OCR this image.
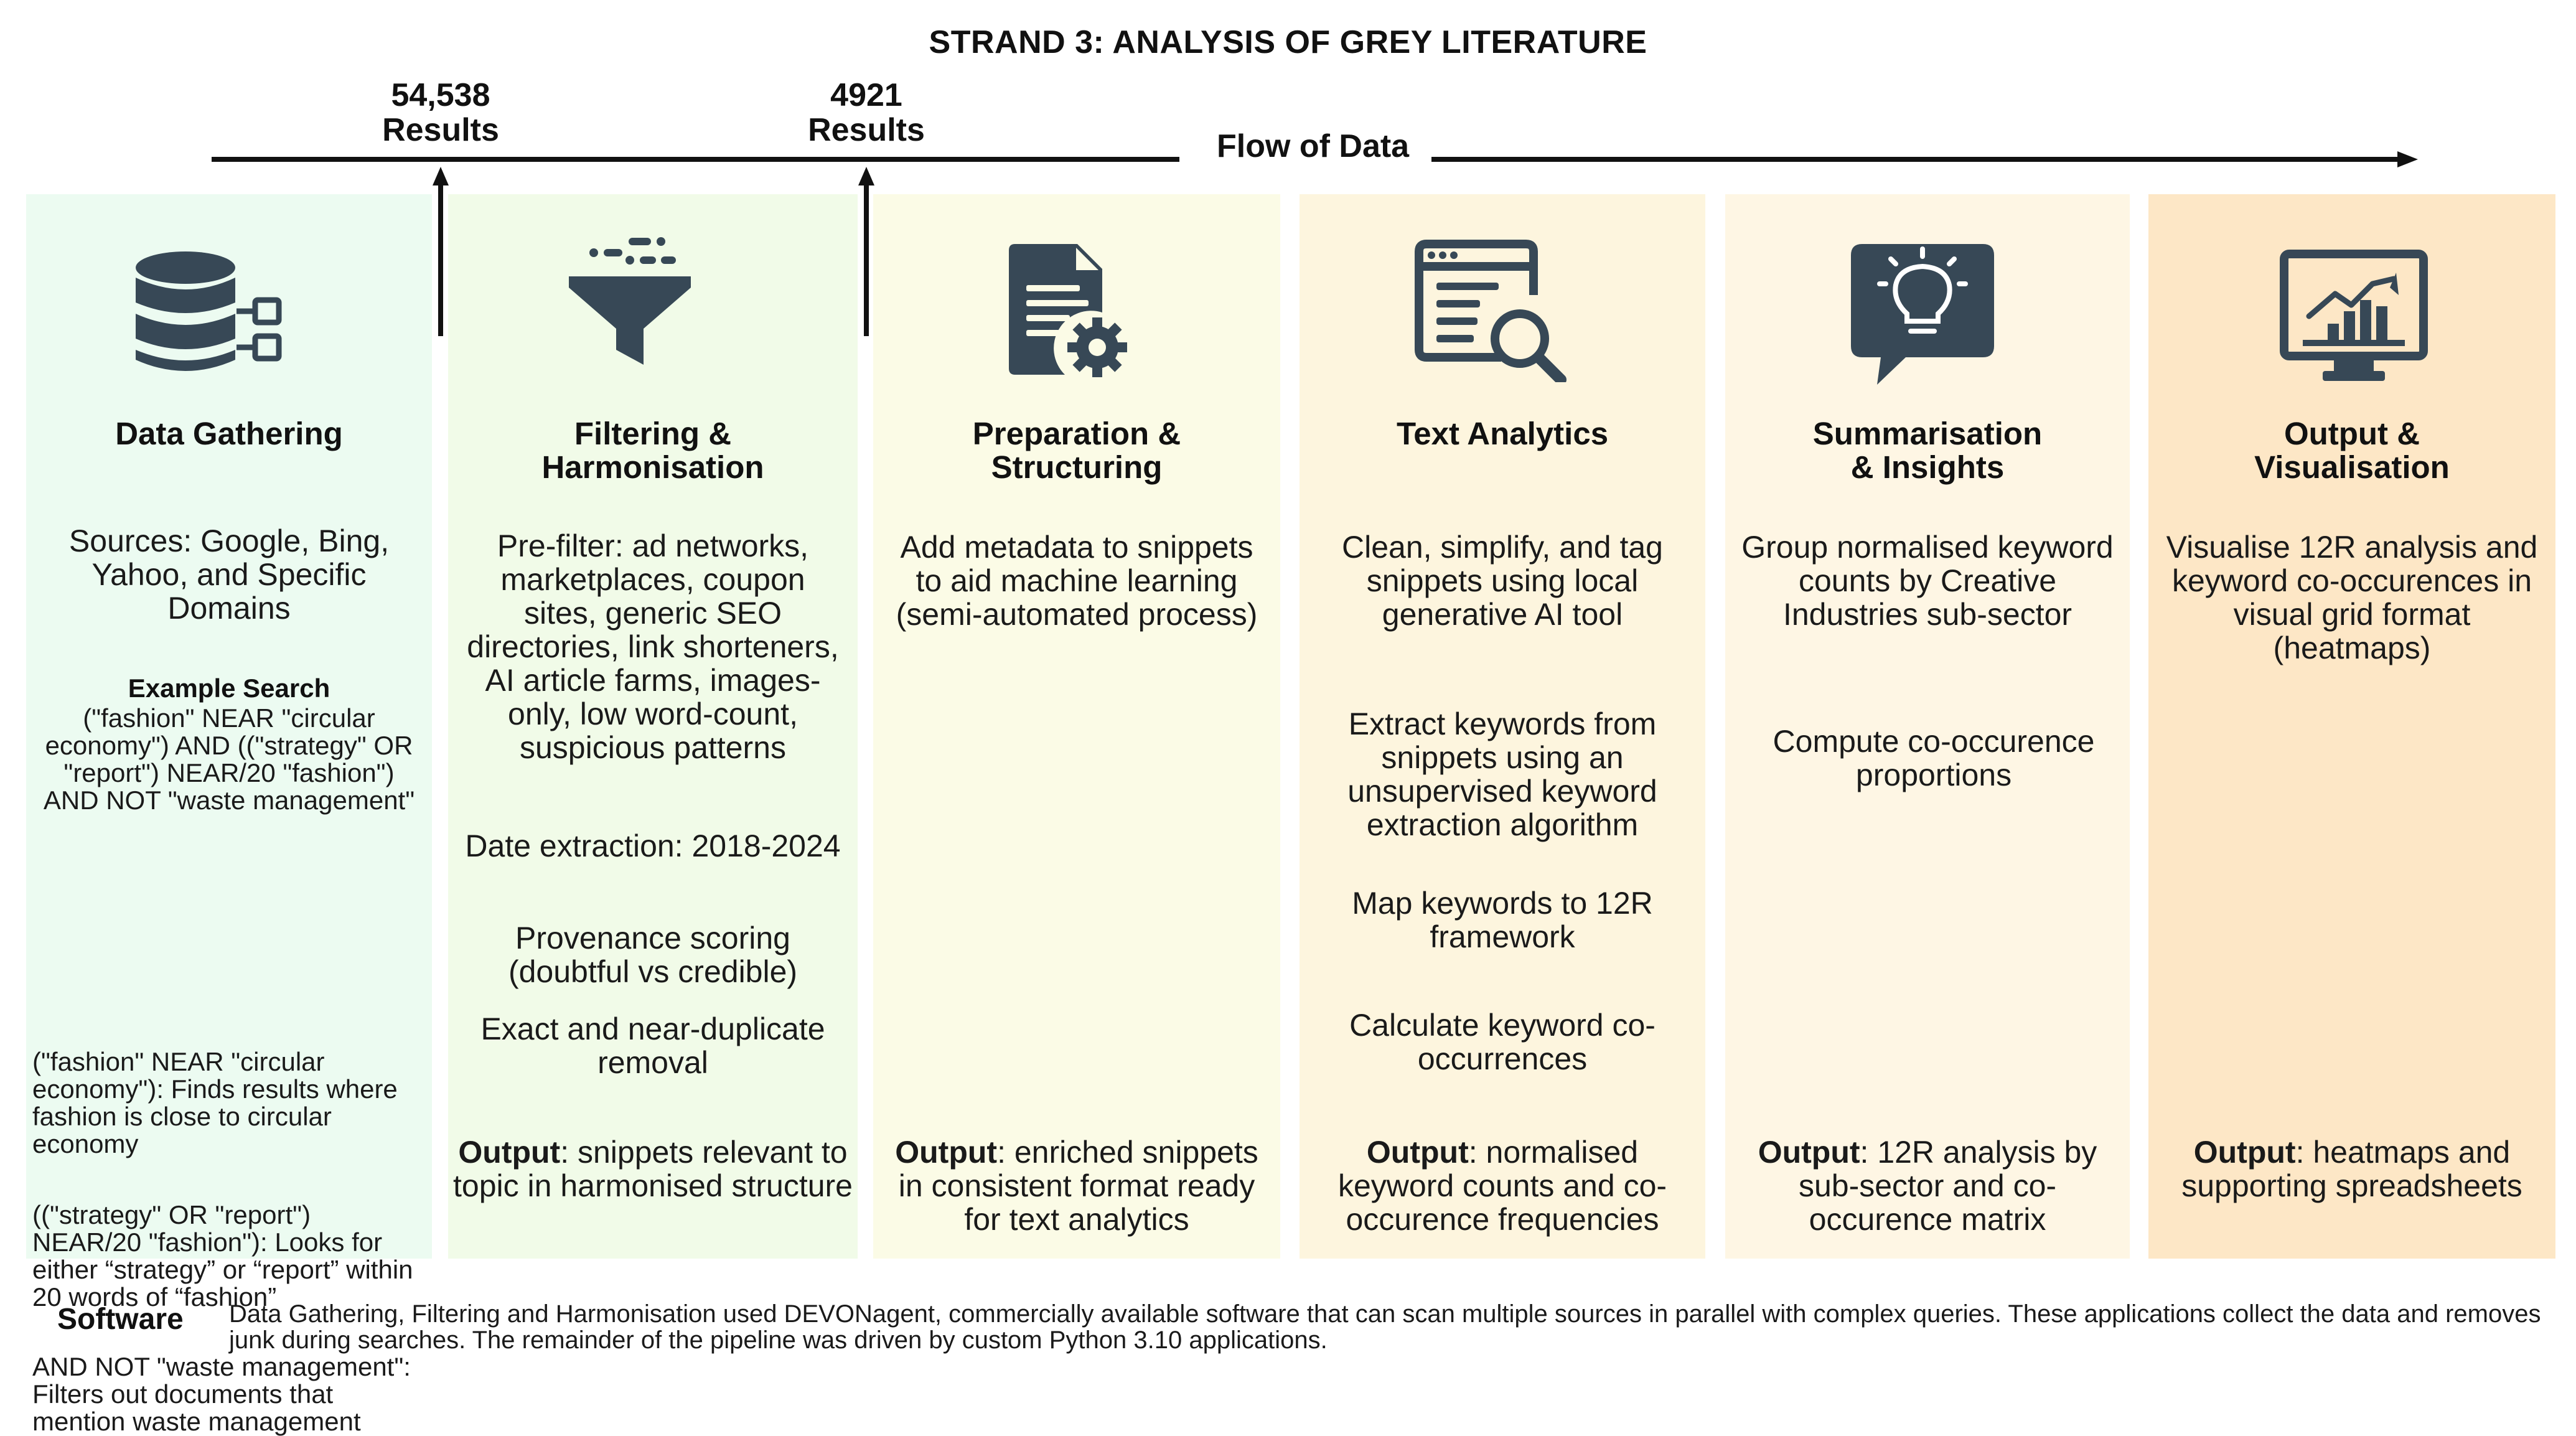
STRAND 3: ANALYSIS OF GREY LITERATURE
Flow of Data
54,538
Results
4921
Results
Data Gathering
Sources: Google, Bing,
Yahoo, and Specific
Domains
Example Search
("fashion" NEAR "circular
economy") AND (("strategy" OR
"report") NEAR/20 "fashion")
AND NOT "waste management"
("fashion" NEAR "circular
economy"): Finds results where
fashion is close to circular
economy
(("strategy" OR "report")
NEAR/20 "fashion"): Looks for
either “strategy” or “report” within
20 words of “fashion”
AND NOT "waste management":
Filters out documents that
mention waste management
Filtering &
Harmonisation
Pre-filter: ad networks,
marketplaces, coupon
sites, generic SEO
directories, link shorteners,
AI article farms, images-
only, low word-count,
suspicious patterns
Date extraction: 2018-2024
Provenance scoring
(doubtful vs credible)
Exact and near-duplicate
removal
Output: snippets relevant to
topic in harmonised structure
Preparation &
Structuring
Add metadata to snippets
to aid machine learning
(semi-automated process)
Output: enriched snippets
in consistent format ready
for text analytics
Text Analytics
Clean, simplify, and tag
snippets using local
generative AI tool
Extract keywords from
snippets using an
unsupervised keyword
extraction algorithm
Map keywords to 12R
framework
Calculate keyword co-
occurrences
Output: normalised
keyword counts and co-
occurence frequencies
Summarisation
& Insights
Group normalised keyword
counts by Creative
Industries sub-sector
Compute co-occurence
proportions
Output: 12R analysis by
sub-sector and co-
occurence matrix
Output &
Visualisation
Visualise 12R analysis and
keyword co-occurences in
visual grid format
(heatmaps)
Output: heatmaps and
supporting spreadsheets
Software Data Gathering, Filtering and Harmonisation used DEVONagent, commercially available software that can scan multiple sources in parallel with complex queries. These applications collect the data and removes junk during searches. The remainder of the pipeline was driven by custom Python 3.10 applications.
